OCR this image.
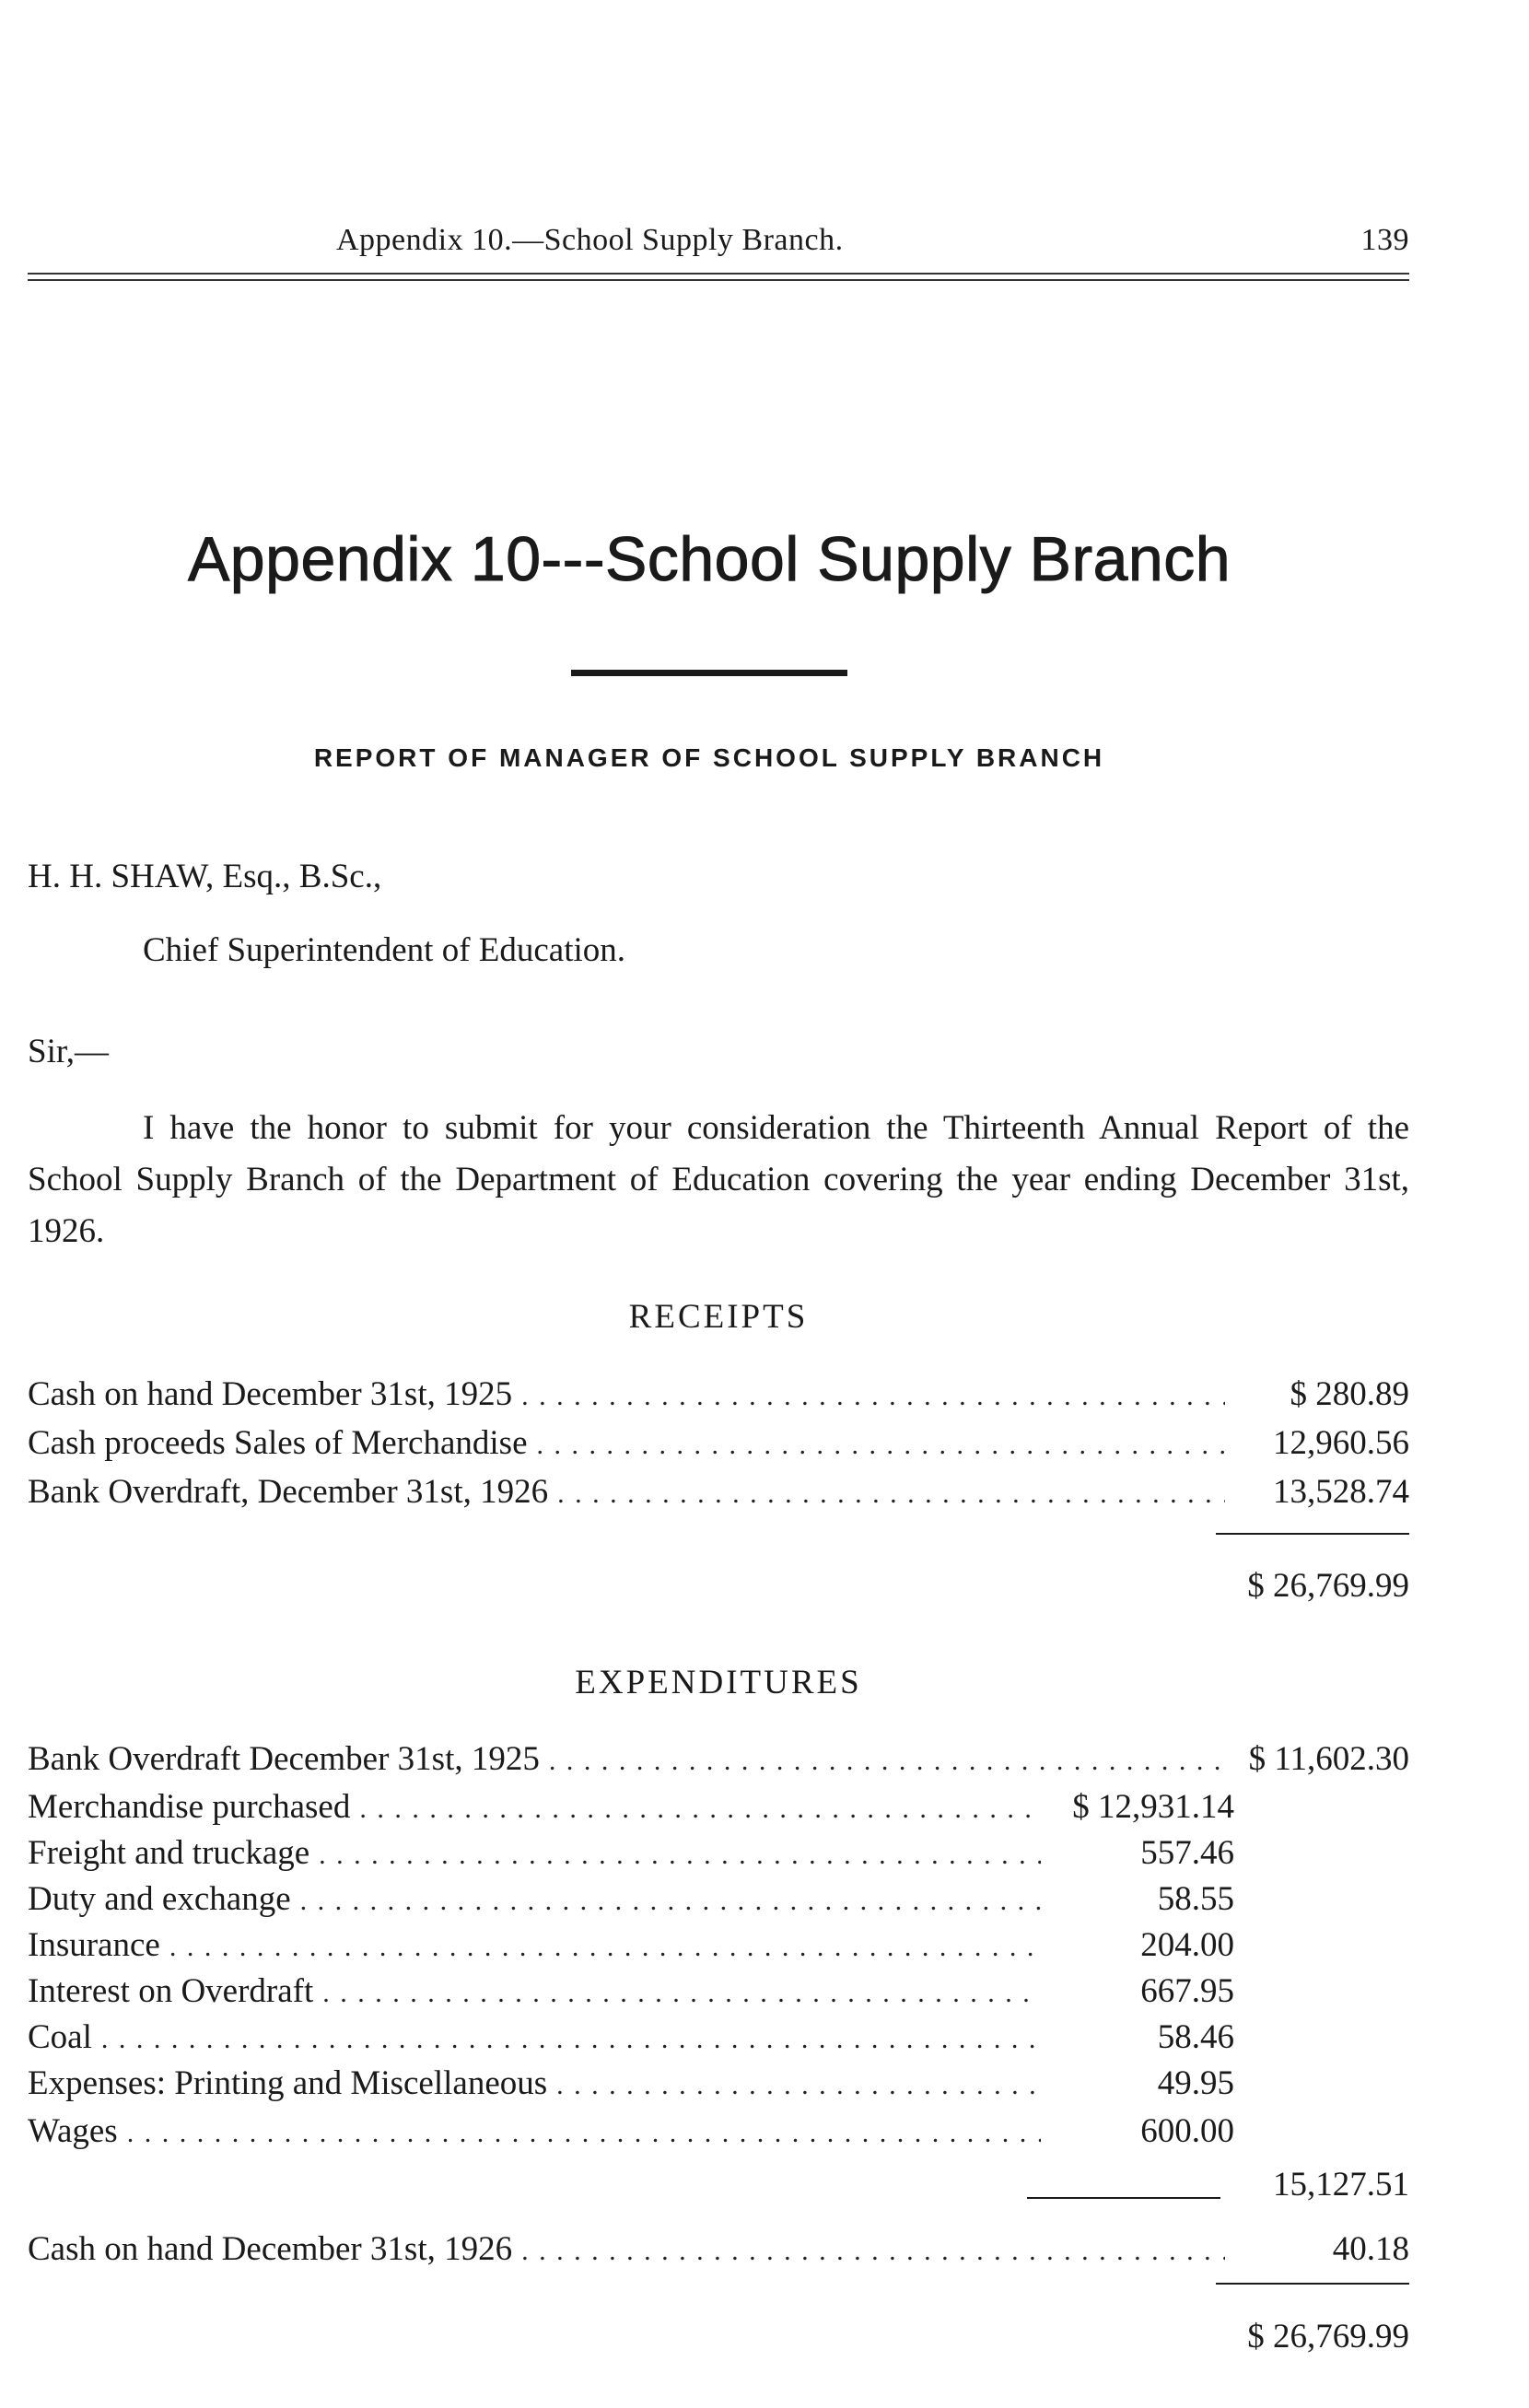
Appendix 10.—School Supply Branch.	139
Appendix 10---School Supply Branch
REPORT OF MANAGER OF SCHOOL SUPPLY BRANCH
H. H. SHAW, Esq., B.Sc.,
Chief Superintendent of Education.
Sir,—
I have the honor to submit for your consideration the Thirteenth Annual Report of the School Supply Branch of the Department of Education covering the year ending December 31st, 1926.
RECEIPTS
Cash on hand December 31st, 1925 . . .	$ 280.89
Cash proceeds Sales of Merchandise . . .	12,960.56
Bank Overdraft, December 31st, 1926 . . .	13,528.74
$ 26,769.99
EXPENDITURES
Bank Overdraft December 31st, 1925 . . .	$ 11,602.30
Merchandise purchased . . .	$ 12,931.14
Freight and truckage . . .	557.46
Duty and exchange . . .	58.55
Insurance . . .	204.00
Interest on Overdraft . . .	667.95
Coal . . .	58.46
Expenses: Printing and Miscellaneous . . .	49.95
Wages . . .	600.00
15,127.51
Cash on hand December 31st, 1926 . . .	40.18
$ 26,769.99
